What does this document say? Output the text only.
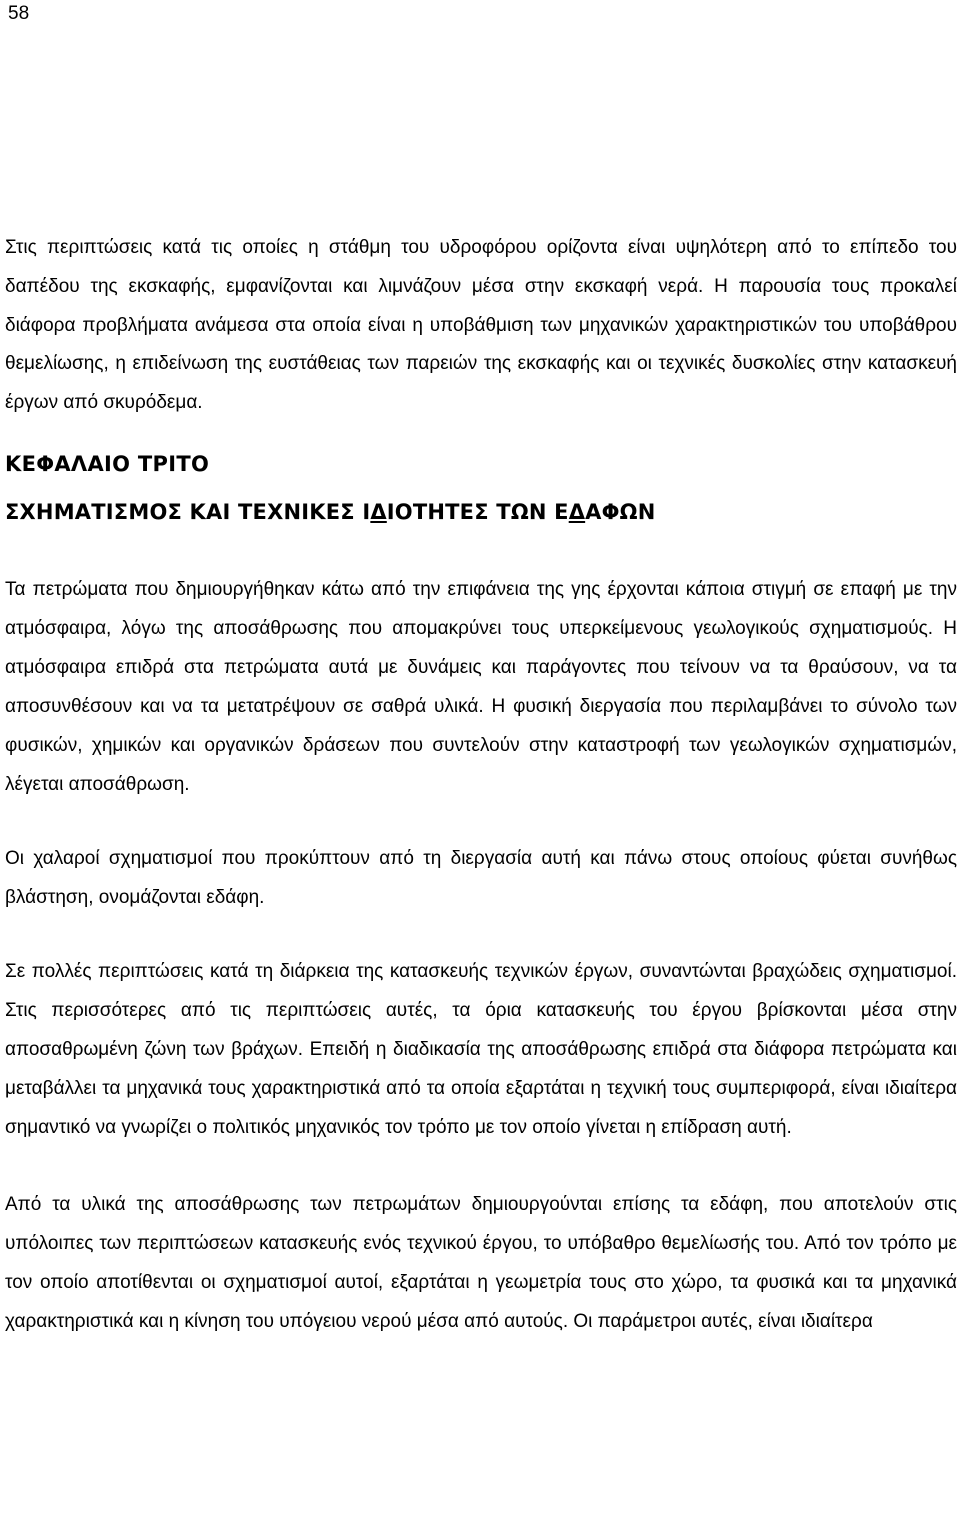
58

Στις περιπτώσεις κατά τις οποίες η στάθμη του υδροφόρου ορίζοντα είναι υψηλότερη από το επίπεδο του δαπέδου της εκσκαφής, εμφανίζονται και λιμνάζουν μέσα στην εκσκαφή νερά. Η παρουσία τους προκαλεί διάφορα προβλήματα ανάμεσα στα οποία είναι η υποβάθμιση των μηχανικών χαρακτηριστικών του υποβάθρου θεμελίωσης, η επιδείνωση της ευστάθειας των παρειών της εκσκαφής και οι τεχνικές δυσκολίες στην κατασκευή έργων από σκυρόδεμα.

ΚΕΦΑΛΑΙΟ ΤΡΙΤΟ
ΣΧΗΜΑΤΙΣΜΟΣ ΚΑΙ ΤΕΧΝΙΚΕΣ ΙΔΙΟΤΗΤΕΣ ΤΩΝ ΕΔΑΦΩΝ

Τα πετρώματα που δημιουργήθηκαν κάτω από την επιφάνεια της γης έρχονται κάποια στιγμή σε επαφή με την ατμόσφαιρα, λόγω της αποσάθρωσης που απομακρύνει τους υπερκείμενους γεωλογικούς σχηματισμούς. Η ατμόσφαιρα επιδρά στα πετρώματα αυτά με δυνάμεις και παράγοντες που τείνουν να τα θραύσουν, να τα αποσυνθέσουν και να τα μετατρέψουν σε σαθρά υλικά. Η φυσική διεργασία που περιλαμβάνει το σύνολο των φυσικών, χημικών και οργανικών δράσεων που συντελούν στην καταστροφή των γεωλογικών σχηματισμών, λέγεται αποσάθρωση.

Οι χαλαροί σχηματισμοί που προκύπτουν από τη διεργασία αυτή και πάνω στους οποίους φύεται συνήθως βλάστηση, ονομάζονται εδάφη.

Σε πολλές περιπτώσεις κατά τη διάρκεια της κατασκευής τεχνικών έργων, συναντώνται βραχώδεις σχηματισμοί. Στις περισσότερες από τις περιπτώσεις αυτές, τα όρια κατασκευής του έργου βρίσκονται μέσα στην αποσαθρωμένη ζώνη των βράχων. Επειδή η διαδικασία της αποσάθρωσης επιδρά στα διάφορα πετρώματα και μεταβάλλει τα μηχανικά τους χαρακτηριστικά από τα οποία εξαρτάται η τεχνική τους συμπεριφορά, είναι ιδιαίτερα σημαντικό να γνωρίζει ο πολιτικός μηχανικός τον τρόπο με τον οποίο γίνεται η επίδραση αυτή.

Από τα υλικά της αποσάθρωσης των πετρωμάτων δημιουργούνται επίσης τα εδάφη, που αποτελούν στις υπόλοιπες των περιπτώσεων κατασκευής ενός τεχνικού έργου, το υπόβαθρο θεμελίωσής του. Από τον τρόπο με τον οποίο αποτίθενται οι σχηματισμοί αυτοί, εξαρτάται η γεωμετρία τους στο χώρο, τα φυσικά και τα μηχανικά χαρακτηριστικά και η κίνηση του υπόγειου νερού μέσα από αυτούς. Οι παράμετροι αυτές, είναι ιδιαίτερα
